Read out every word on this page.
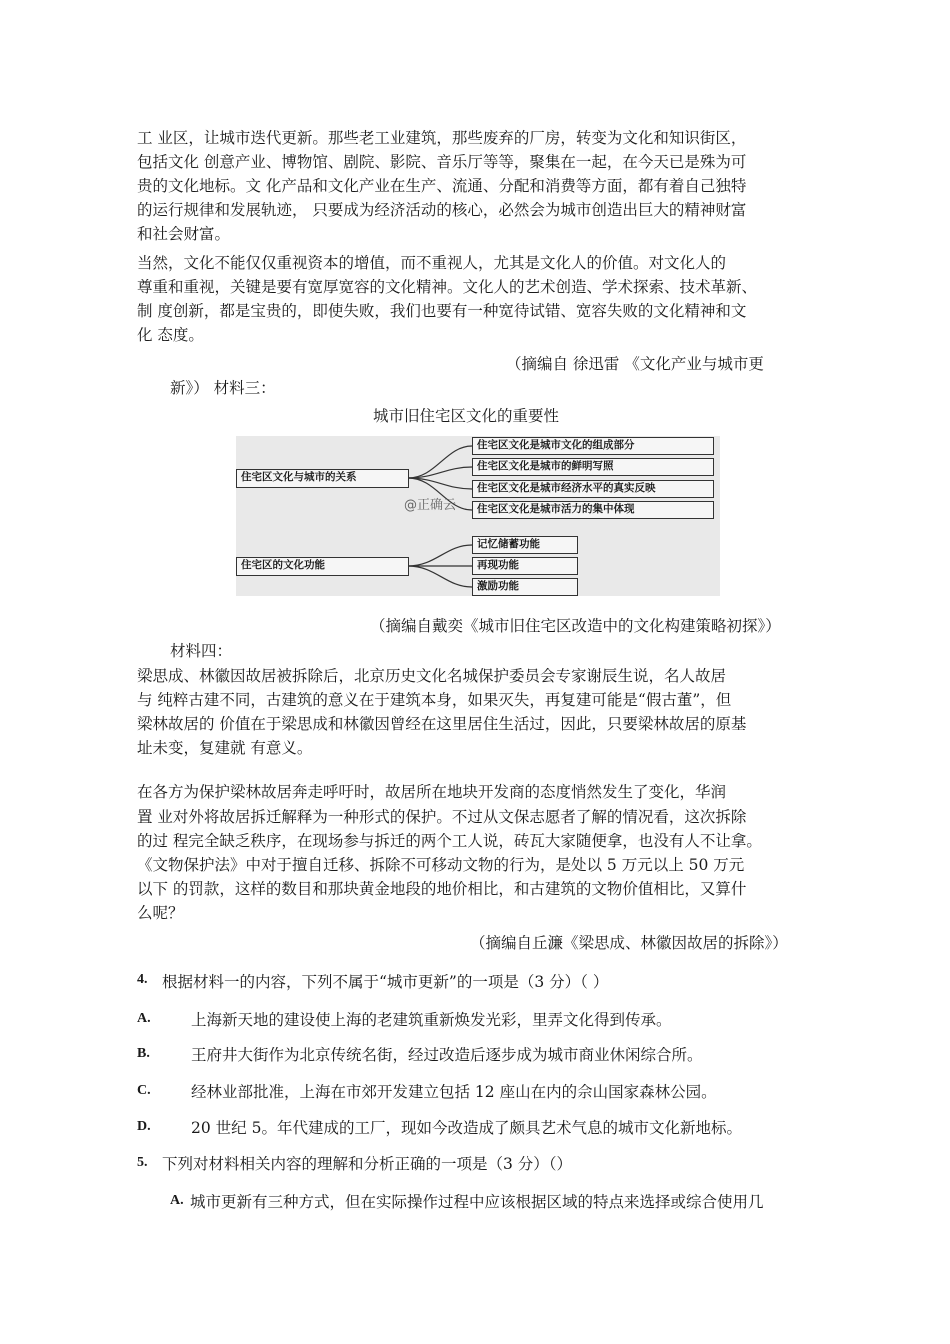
工 业区，让城市迭代更新。那些老工业建筑，那些废弃的厂房，转变为文化和知识街区，
包括文化 创意产业、博物馆、剧院、影院、音乐厅等等，聚集在一起，在今天已是殊为可
贵的文化地标。文 化产品和文化产业在生产、流通、分配和消费等方面，都有着自己独特
的运行规律和发展轨迹， 只要成为经济活动的核心，必然会为城市创造出巨大的精神财富
和社会财富。
当然，文化不能仅仅重视资本的增值，而不重视人，尤其是文化人的价值。对文化人的
尊重和重视，关键是要有宽厚宽容的文化精神。文化人的艺术创造、学术探索、技术革新、
制 度创新，都是宝贵的，即使失败，我们也要有一种宽待试错、宽容失败的文化精神和文
化 态度。
（摘编自 徐迅雷 《文化产业与城市更
新》） 材料三：
城市旧住宅区文化的重要性
住宅区文化与城市的关系
住宅区文化是城市文化的组成部分
住宅区文化是城市的鲜明写照
住宅区文化是城市经济水平的真实反映
住宅区文化是城市活力的集中体现
住宅区的文化功能
记忆储蓄功能
再现功能
激励功能
@正确云
（摘编自戴奕《城市旧住宅区改造中的文化构建策略初探》）
材料四：
梁思成、林徽因故居被拆除后，北京历史文化名城保护委员会专家谢辰生说，名人故居
与 纯粹古建不同，古建筑的意义在于建筑本身，如果灭失，再复建可能是“假古董”，但
梁林故居的 价值在于梁思成和林徽因曾经在这里居住生活过，因此，只要梁林故居的原基
址未变，复建就 有意义。
在各方为保护梁林故居奔走呼吁时，故居所在地块开发商的态度悄然发生了变化，华润
置 业对外将故居拆迁解释为一种形式的保护。不过从文保志愿者了解的情况看，这次拆除
的过 程完全缺乏秩序，在现场参与拆迁的两个工人说，砖瓦大家随便拿，也没有人不让拿。
《文物保护法》中对于擅自迁移、拆除不可移动文物的行为，是处以 5 万元以上 50 万元
以下 的罚款，这样的数目和那块黄金地段的地价相比，和古建筑的文物价值相比，又算什
么呢？
（摘编自丘濂《梁思成、林徽因故居的拆除》）
4. 根据材料一的内容，下列不属于“城市更新”的一项是（3 分）（ ）
A.	上海新天地的建设使上海的老建筑重新焕发光彩，里弄文化得到传承。
B.	王府井大街作为北京传统名街，经过改造后逐步成为城市商业休闲综合所。
C.	经林业部批准，上海在市郊开发建立包括 12 座山在内的佘山国家森林公园。
D.	20 世纪 5。年代建成的工厂，现如今改造成了颇具艺术气息的城市文化新地标。
5. 下列对材料相关内容的理解和分析正确的一项是（3 分）（）
A. 城市更新有三种方式，但在实际操作过程中应该根据区域的特点来选择或综合使用几
